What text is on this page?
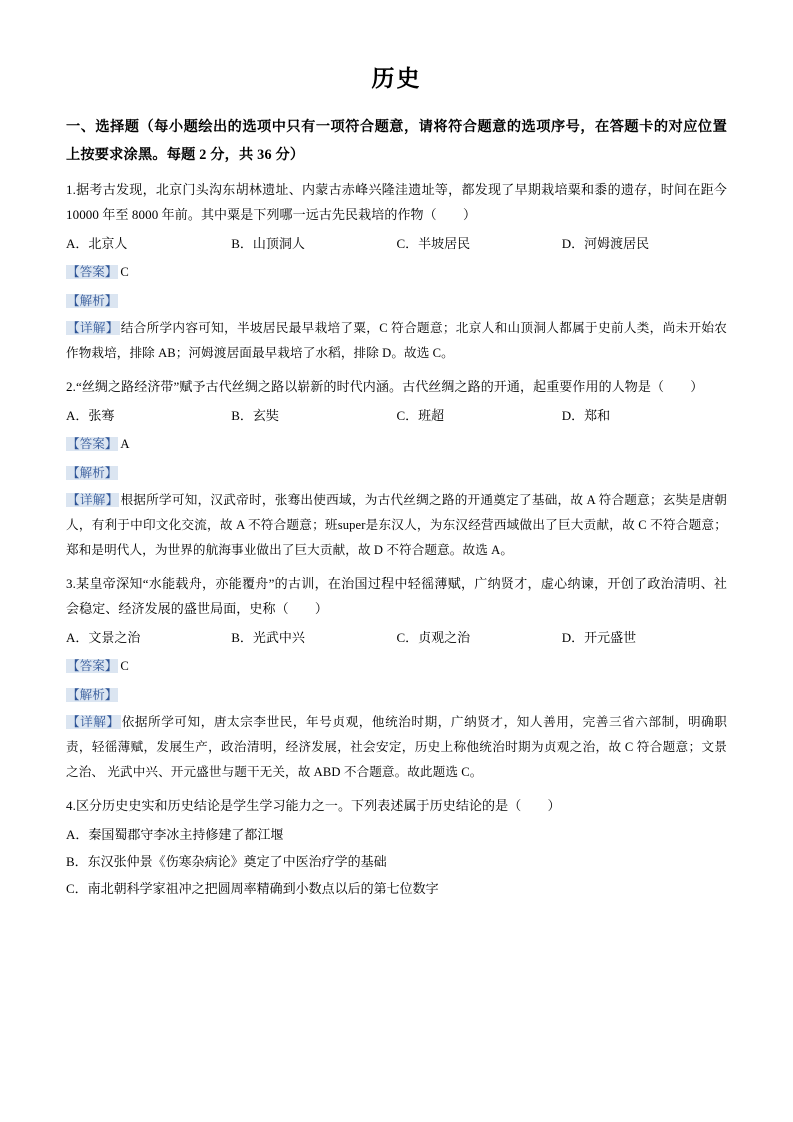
历史
一、选择题（每小题绘出的选项中只有一项符合题意，请将符合题意的选项序号，在答题卡的对应位置上按要求涂黑。每题 2 分，共 36 分）
1.据考古发现，北京门头沟东胡林遗址、内蒙古赤峰兴隆洼遗址等，都发现了早期栽培粟和黍的遗存，时间在距今 10000 年至 8000 年前。其中粟是下列哪一远古先民栽培的作物（　　）
A．北京人	B．山顶洞人	C．半坡居民	D．河姆渡居民
【答案】 C
【解析】
【详解】 结合所学内容可知，半坡居民最早栽培了粟，C 符合题意；北京人和山顶洞人都属于史前人类，尚未开始农作物栽培，排除 AB；河姆渡居面最早栽培了水稻，排除 D。故选 C。
2.“丝绸之路经济带”赋予古代丝绸之路以崭新的时代内涵。古代丝绸之路的开通，起重要作用的人物是（　　）
A．张骞	B．玄奘	C．班超	D．郑和
【答案】 A
【解析】
【详解】 根据所学可知，汉武帝时，张骞出使西域，为古代丝绸之路的开通奠定了基础，故 A 符合题意；玄奘是唐朝人，有利于中印文化交流，故 A 不符合题意；班super是东汉人，为东汉经营西域做出了巨大贡献，故 C 不符合题意；郑和是明代人，为世界的航海事业做出了巨大贡献，故 D 不符合题意。故选 A。
3.某皇帝深知“水能载舟，亦能覆舟”的古训，在治国过程中轻徭薄赋，广纳贤才，虚心纳谏，开创了政治清明、社会稳定、经济发展的盛世局面，史称（　　）
A．文景之治	B．光武中兴	C．贞观之治	D．开元盛世
【答案】 C
【解析】
【详解】 依据所学可知，唐太宗李世民，年号贞观，他统治时期，广纳贤才，知人善用，完善三省六部制，明确职责，轻徭薄赋，发展生产，政治清明，经济发展，社会安定，历史上称他统治时期为贞观之治，故 C 符合题意；文景之治、 光武中兴、开元盛世与题干无关，故 ABD 不合题意。故此题选 C。
4.区分历史史实和历史结论是学生学习能力之一。下列表述属于历史结论的是（　　）
A．秦国蜀郡守李冰主持修建了都江堰
B．东汉张仲景《伤寒杂病论》奠定了中医治疗学的基础
C．南北朝科学家祖冲之把圆周率精确到小数点以后的第七位数字
